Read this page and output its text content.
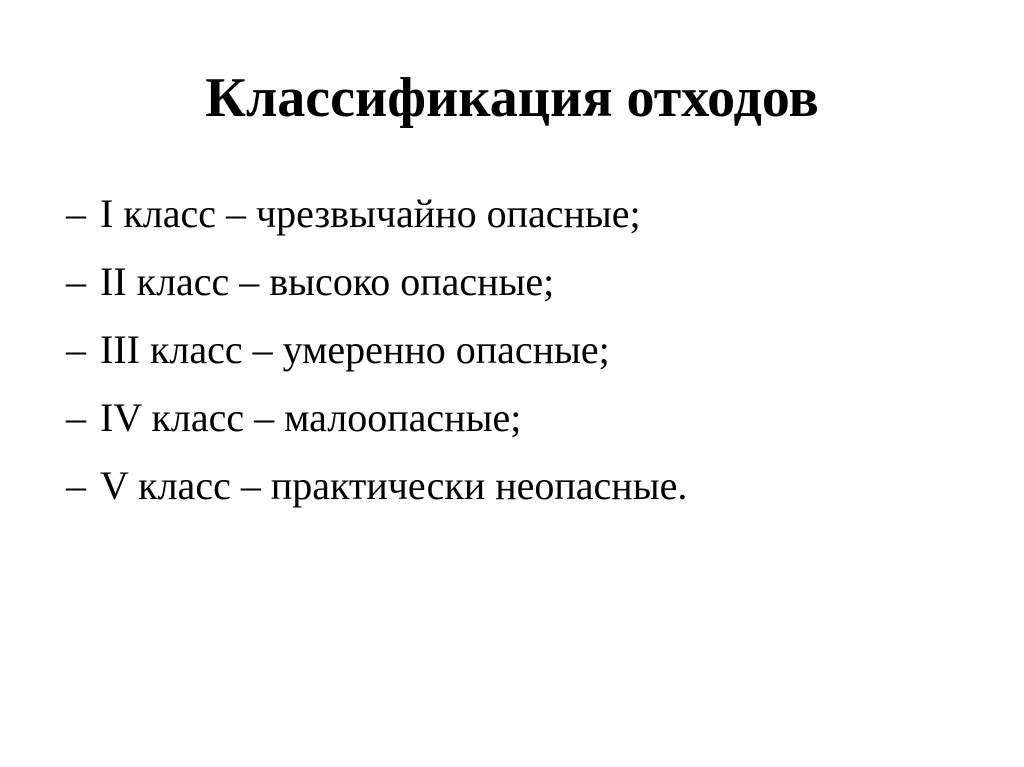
Классификация отходов
– I класс – чрезвычайно опасные;
– II класс – высоко опасные;
– III класс – умеренно опасные;
– IV класс – малоопасные;
– V класс – практически неопасные.
